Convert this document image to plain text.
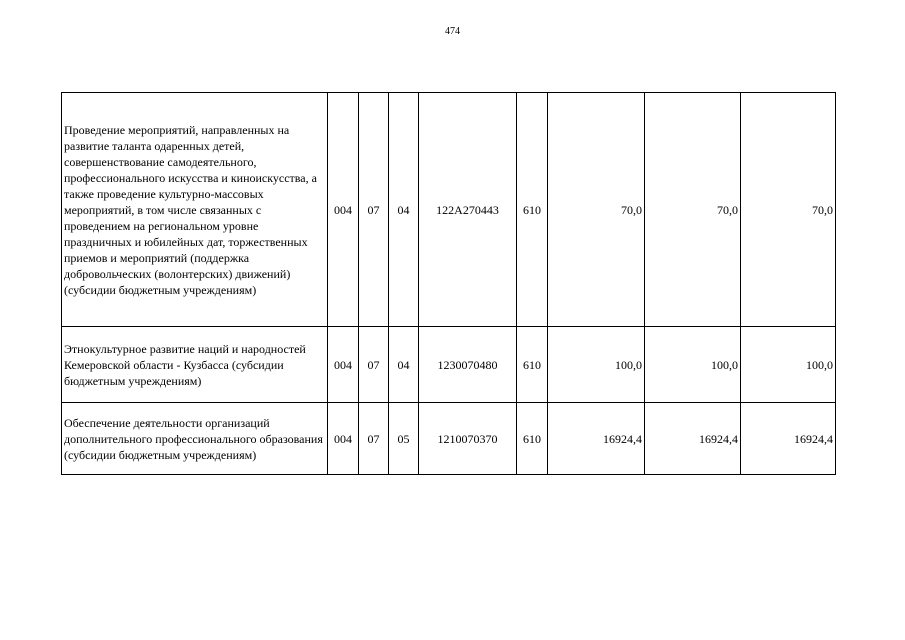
474
Проведение мероприятий, направленных на развитие таланта одаренных детей, совершенствование самодеятельного, профессионального искусства и киноискусства, а также проведение культурно-массовых мероприятий, в том числе связанных с проведением на региональном уровне праздничных и юбилейных дат, торжественных приемов и мероприятий (поддержка добровольческих (волонтерских) движений) (субсидии бюджетным учреждениям)	004	07	04	122A270443	610	70,0	70,0	70,0
Этнокультурное развитие наций и народностей Кемеровской области - Кузбасса (субсидии бюджетным учреждениям)	004	07	04	1230070480	610	100,0	100,0	100,0
Обеспечение деятельности организаций дополнительного профессионального образования (субсидии бюджетным учреждениям)	004	07	05	1210070370	610	16924,4	16924,4	16924,4
